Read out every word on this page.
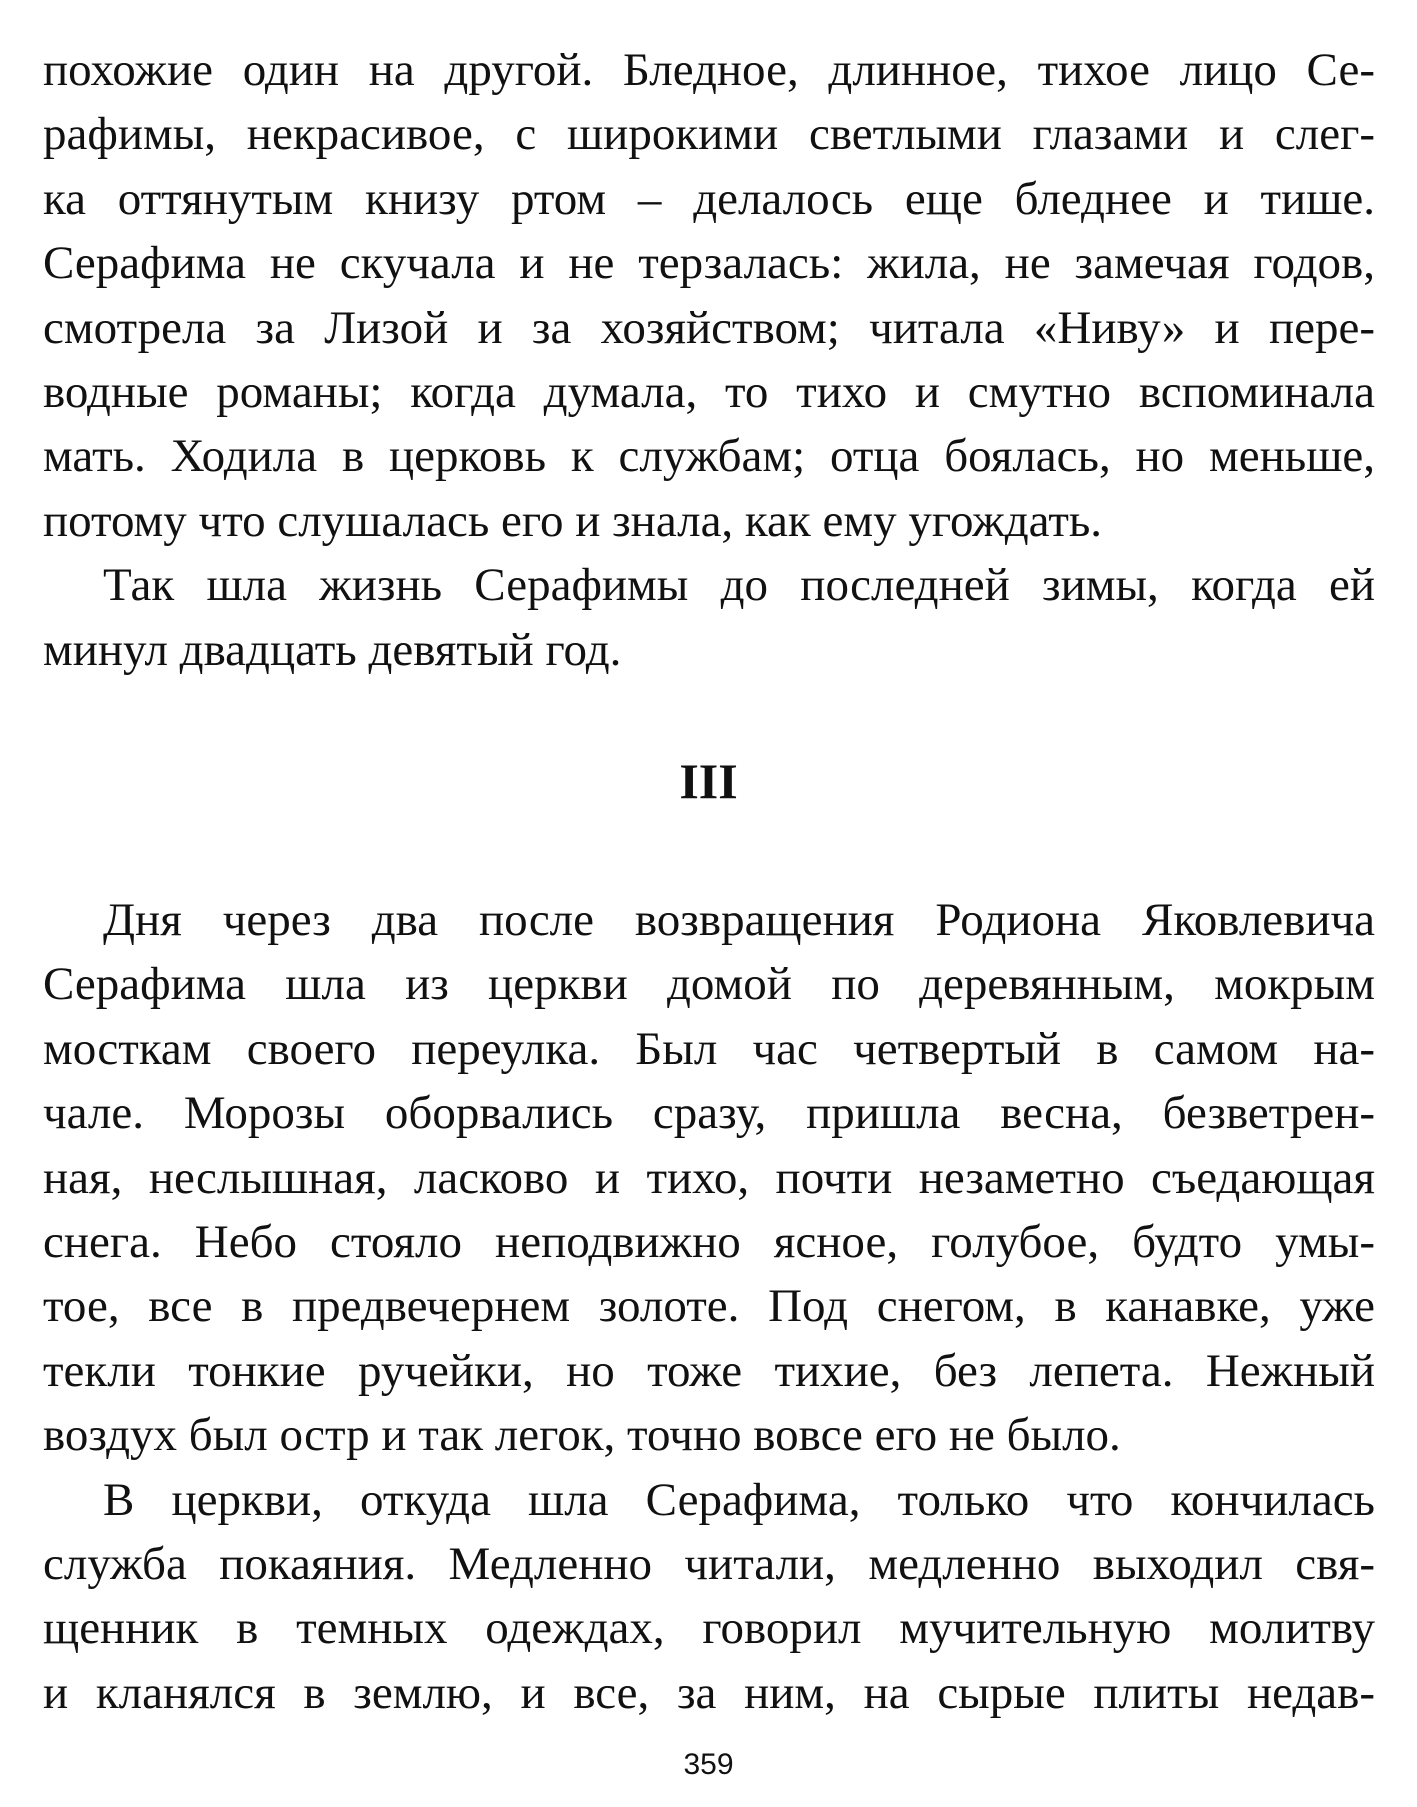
похожие один на другой. Бледное, длинное, тихое лицо Се-
рафимы, некрасивое, с широкими светлыми глазами и слег-
ка оттянутым книзу ртом – делалось еще бледнее и тише.
Серафима не скучала и не терзалась: жила, не замечая годов,
смотрела за Лизой и за хозяйством; читала «Ниву» и пере-
водные романы; когда думала, то тихо и смутно вспоминала
мать. Ходила в церковь к службам; отца боялась, но меньше,
потому что слушалась его и знала, как ему угождать.

Так шла жизнь Серафимы до последней зимы, когда ей
минул двадцать девятый год.

III

Дня через два после возвращения Родиона Яковлевича
Серафима шла из церкви домой по деревянным, мокрым
мосткам своего переулка. Был час четвертый в самом на-
чале. Морозы оборвались сразу, пришла весна, безветрен-
ная, неслышная, ласково и тихо, почти незаметно съедающая
снега. Небо стояло неподвижно ясное, голубое, будто умы-
тое, все в предвечернем золоте. Под снегом, в канавке, уже
текли тонкие ручейки, но тоже тихие, без лепета. Нежный
воздух был остр и так легок, точно вовсе его не было.

В церкви, откуда шла Серафима, только что кончилась
служба покаяния. Медленно читали, медленно выходил свя-
щенник в темных одеждах, говорил мучительную молитву
и кланялся в землю, и все, за ним, на сырые плиты недав-

359
